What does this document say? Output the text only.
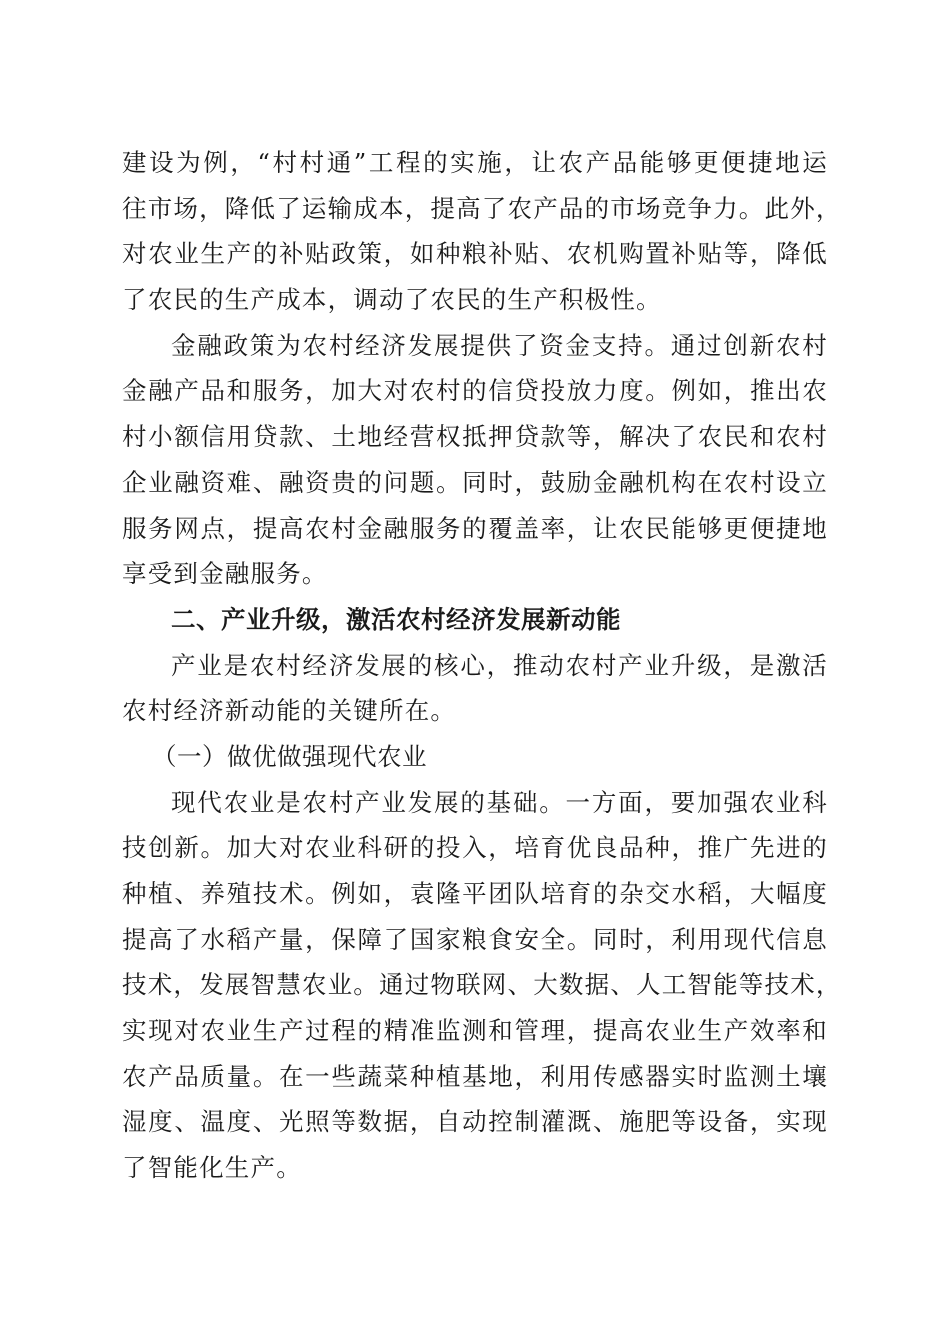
建设为例，“村村通”工程的实施，让农产品能够更便捷地运
往市场，降低了运输成本，提高了农产品的市场竞争力。此外，
对农业生产的补贴政策，如种粮补贴、农机购置补贴等，降低
了农民的生产成本，调动了农民的生产积极性。
金融政策为农村经济发展提供了资金支持。通过创新农村
金融产品和服务，加大对农村的信贷投放力度。例如，推出农
村小额信用贷款、土地经营权抵押贷款等，解决了农民和农村
企业融资难、融资贵的问题。同时，鼓励金融机构在农村设立
服务网点，提高农村金融服务的覆盖率，让农民能够更便捷地
享受到金融服务。
二、产业升级，激活农村经济发展新动能
产业是农村经济发展的核心，推动农村产业升级，是激活
农村经济新动能的关键所在。
（一）做优做强现代农业
现代农业是农村产业发展的基础。一方面，要加强农业科
技创新。加大对农业科研的投入，培育优良品种，推广先进的
种植、养殖技术。例如，袁隆平团队培育的杂交水稻，大幅度
提高了水稻产量，保障了国家粮食安全。同时，利用现代信息
技术，发展智慧农业。通过物联网、大数据、人工智能等技术，
实现对农业生产过程的精准监测和管理，提高农业生产效率和
农产品质量。在一些蔬菜种植基地，利用传感器实时监测土壤
湿度、温度、光照等数据，自动控制灌溉、施肥等设备，实现
了智能化生产。
